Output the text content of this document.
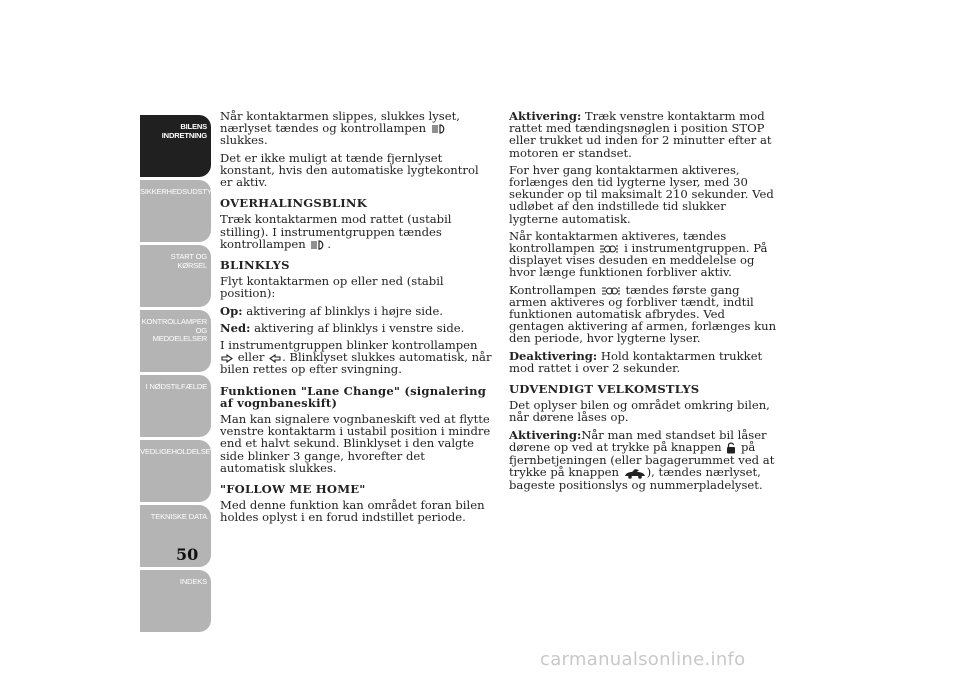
BILENS INDRETNING
SIKKERHEDSUDSTYR
START OG KØRSEL
KONTROLLAMPER OG MEDDELELSER
I NØDSTILFÆLDE
VEDLIGEHOLDELSE
TEKNISKE DATA
INDEKS
50

Når kontaktarmen slippes, slukkes lyset, nærlyset tændes og kontrollampen  slukkes.

Det er ikke muligt at tænde fjernlyset konstant, hvis den automatiske lygtekontrol er aktiv.

OVERHALINGSBLINK

Træk kontaktarmen mod rattet (ustabil stilling). I instrumentgruppen tændes kontrollampen .

BLINKLYS

Flyt kontaktarmen op eller ned (stabil position):

Op: aktivering af blinklys i højre side.

Ned: aktivering af blinklys i venstre side.

I instrumentgruppen blinker kontrollampen
eller . Blinklyset slukkes automatisk, når bilen rettes op efter svingning.

Funktionen "Lane Change" (signalering af vognbaneskift)

Man kan signalere vognbaneskift ved at flytte venstre kontaktarm i ustabil position i mindre end et halvt sekund. Blinklyset i den valgte side blinker 3 gange, hvorefter det automatisk slukkes.

"FOLLOW ME HOME"

Med denne funktion kan området foran bilen holdes oplyst i en forud indstillet periode.

Aktivering: Træk venstre kontaktarm mod rattet med tændingsnøglen i position STOP eller trukket ud inden for 2 minutter efter at motoren er standset.

For hver gang kontaktarmen aktiveres, forlænges den tid lygterne lyser, med 30 sekunder op til maksimalt 210 sekunder. Ved udløbet af den indstillede tid slukker lygterne automatisk.

Når kontaktarmen aktiveres, tændes kontrollampen	i instrumentgruppen. På displayet vises desuden en meddelelse og hvor længe funktionen forbliver aktiv.

Kontrollampen	tændes første gang armen aktiveres og forbliver tændt, indtil funktionen automatisk afbrydes. Ved gentagen aktivering af armen, forlænges kun den periode, hvor lygterne lyser.

Deaktivering: Hold kontaktarmen trukket mod rattet i over 2 sekunder.

UDVENDIGT VELKOMSTLYS

Det oplyser bilen og området omkring bilen, når dørene låses op.

Aktivering:Når man med standset bil låser dørene op ved at trykke på knappen på fjernbetjeningen (eller bagagerummet ved at trykke på knappen ), tændes nærlyset, bageste positionslys og nummerpladelyset.

carmanualsonline.info
